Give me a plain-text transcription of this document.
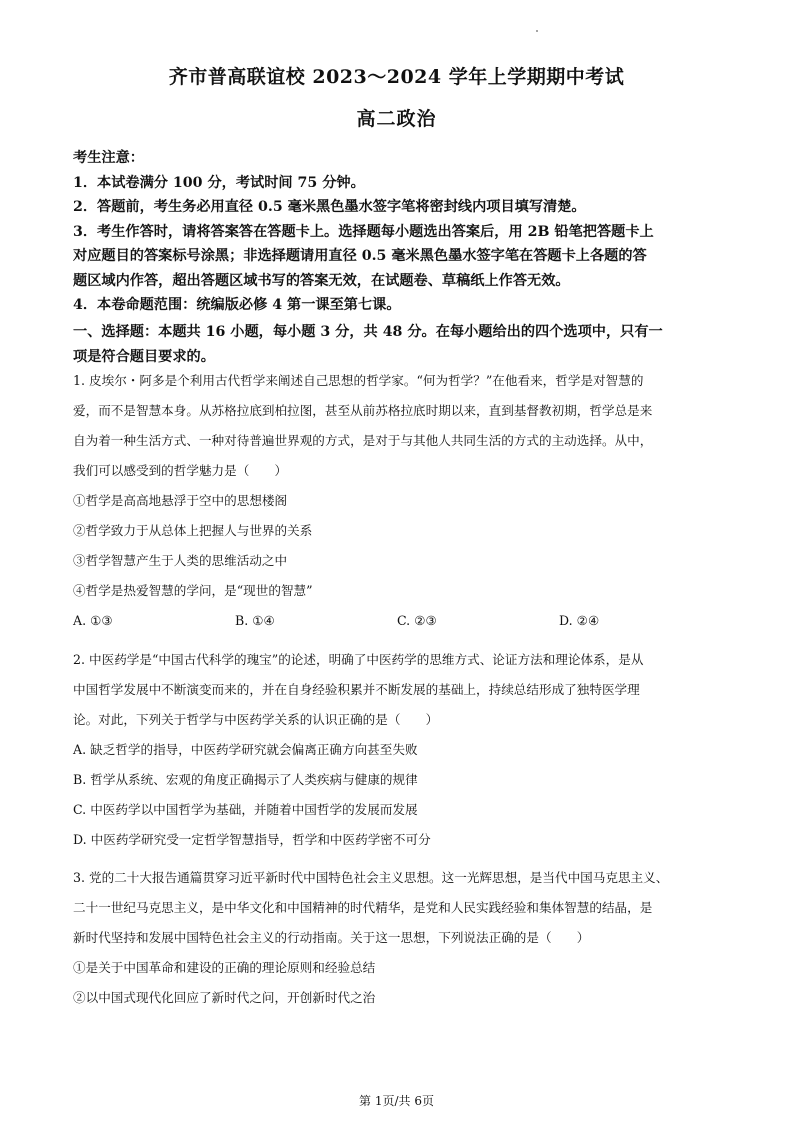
齐市普高联谊校 2023～2024 学年上学期期中考试
高二政治
考生注意：
1．本试卷满分 100 分，考试时间 75 分钟。
2．答题前，考生务必用直径 0.5 毫米黑色墨水签字笔将密封线内项目填写清楚。
3．考生作答时，请将答案答在答题卡上。选择题每小题选出答案后，用 2B 铅笔把答题卡上
对应题目的答案标号涂黑；非选择题请用直径 0.5 毫米黑色墨水签字笔在答题卡上各题的答
题区域内作答，超出答题区域书写的答案无效，在试题卷、草稿纸上作答无效。
4．本卷命题范围：统编版必修 4 第一课至第七课。
一、选择题：本题共 16 小题，每小题 3 分，共 48 分。在每小题给出的四个选项中，只有一
项是符合题目要求的。
1. 皮埃尔・阿多是个利用古代哲学来阐述自己思想的哲学家。“何为哲学？”在他看来，哲学是对智慧的
爱，而不是智慧本身。从苏格拉底到柏拉图，甚至从前苏格拉底时期以来，直到基督教初期，哲学总是来
自为着一种生活方式、一种对待普遍世界观的方式，是对于与其他人共同生活的方式的主动选择。从中，
我们可以感受到的哲学魅力是（　　）
①哲学是高高地悬浮于空中的思想楼阁
②哲学致力于从总体上把握人与世界的关系
③哲学智慧产生于人类的思维活动之中
④哲学是热爱智慧的学问，是“现世的智慧”
A. ①③	B. ①④	C. ②③	D. ②④
2. 中医药学是“中国古代科学的瑰宝”的论述，明确了中医药学的思维方式、论证方法和理论体系，是从
中国哲学发展中不断演变而来的，并在自身经验积累并不断发展的基础上，持续总结形成了独特医学理
论。对此，下列关于哲学与中医药学关系的认识正确的是（　　）
A. 缺乏哲学的指导，中医药学研究就会偏离正确方向甚至失败
B. 哲学从系统、宏观的角度正确揭示了人类疾病与健康的规律
C. 中医药学以中国哲学为基础，并随着中国哲学的发展而发展
D. 中医药学研究受一定哲学智慧指导，哲学和中医药学密不可分
3. 党的二十大报告通篇贯穿习近平新时代中国特色社会主义思想。这一光辉思想，是当代中国马克思主义、
二十一世纪马克思主义，是中华文化和中国精神的时代精华，是党和人民实践经验和集体智慧的结晶，是
新时代坚持和发展中国特色社会主义的行动指南。关于这一思想，下列说法正确的是（　　）
①是关于中国革命和建设的正确的理论原则和经验总结
②以中国式现代化回应了新时代之问，开创新时代之治
第 1页/共 6页
